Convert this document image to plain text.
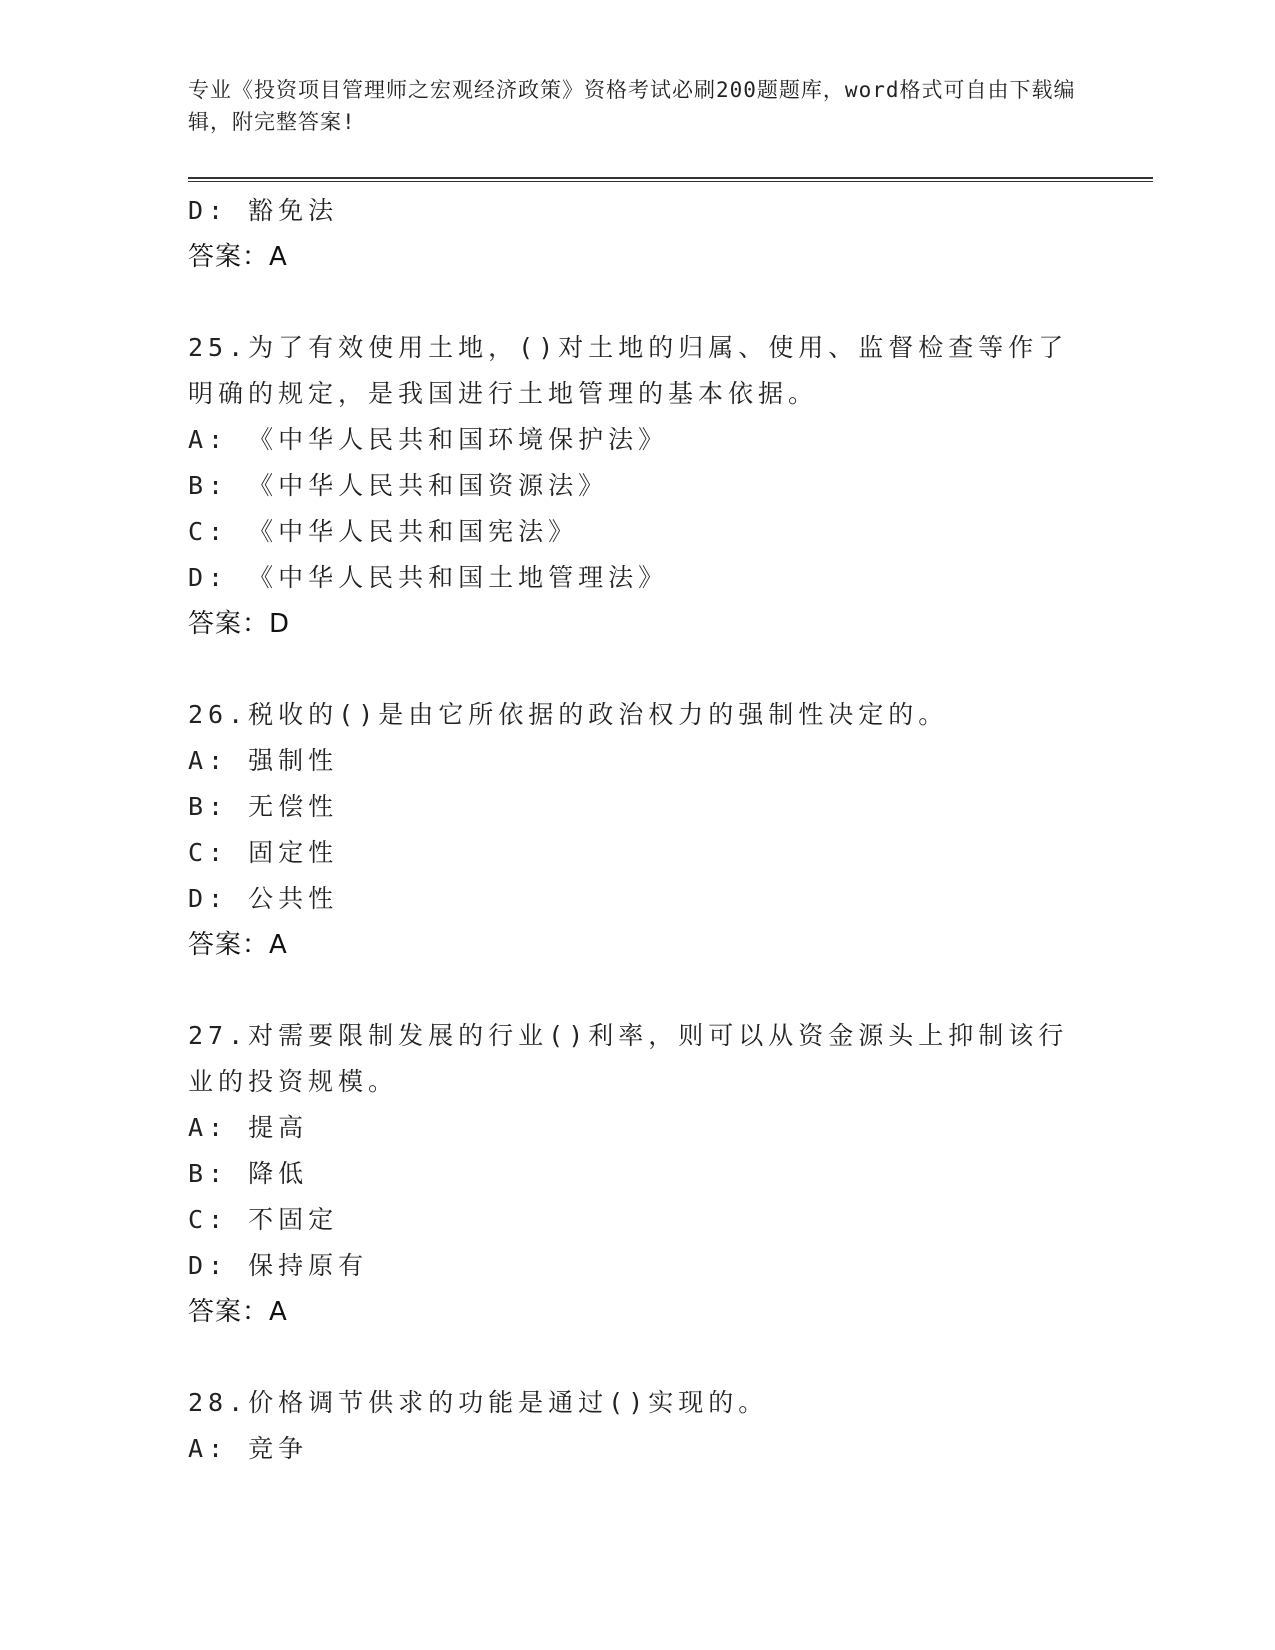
专业《投资项目管理师之宏观经济政策》资格考试必刷200题题库，word格式可自由下载编辑，附完整答案!
D: 豁免法
答案：A
25.为了有效使用土地，()对土地的归属、使用、监督检查等作了明确的规定，是我国进行土地管理的基本依据。
A: 《中华人民共和国环境保护法》
B: 《中华人民共和国资源法》
C: 《中华人民共和国宪法》
D: 《中华人民共和国土地管理法》
答案：D
26.税收的()是由它所依据的政治权力的强制性决定的。
A: 强制性
B: 无偿性
C: 固定性
D: 公共性
答案：A
27.对需要限制发展的行业()利率，则可以从资金源头上抑制该行业的投资规模。
A: 提高
B: 降低
C: 不固定
D: 保持原有
答案：A
28.价格调节供求的功能是通过()实现的。
A: 竞争
